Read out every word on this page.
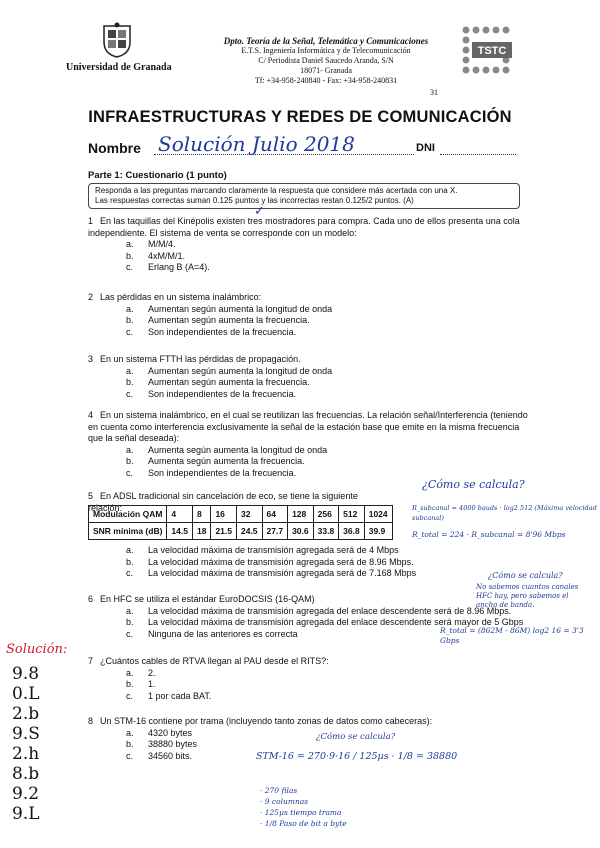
Universidad de Granada
Dpto. Teoría de la Señal, Telemática y Comunicaciones
E.T.S. Ingeniería Informática y de Telecomunicación
C/ Periodista Daniel Saucedo Aranda, S/N
18071- Granada
Tf: +34-958-240840 - Fax: +34-958-240831
31
TSTC
INFRAESTRUCTURAS Y REDES DE COMUNICACIÓN
Nombre Solución Julio 2018	DNI
Parte 1: Cuestionario (1 punto)
Responda a las preguntas marcando claramente la respuesta que considere más acertada con una X.
Las respuestas correctas suman 0.125 puntos y las incorrectas restan 0.125/2 puntos. (A)
1 En las taquillas del Kinépolis existen tres mostradores para compra. Cada uno de ellos presenta una cola independiente. El sistema de venta se corresponde con un modelo:
a. M/M/4.
b. 4xM/M/1.
c. Erlang B (A=4).
✓
2 Las pérdidas en un sistema inalámbrico:
a. Aumentan según aumenta la longitud de onda
b. Aumentan según aumenta la frecuencia.
c. Son independientes de la frecuencia.
3 En un sistema FTTH las pérdidas de propagación.
a. Aumentan según aumenta la longitud de onda
b. Aumentan según aumenta la frecuencia.
c. Son independientes de la frecuencia.
4 En un sistema inalámbrico, en el cual se reutilizan las frecuencias. La relación señal/Interferencia (teniendo en cuenta como interferencia exclusivamente la señal de la estación base que emite en la misma frecuencia que la señal deseada):
a. Aumenta según aumenta la longitud de onda
b. Aumenta según aumenta la frecuencia.
c. Son independientes de la frecuencia.
5 En ADSL tradicional sin cancelación de eco, se tiene la siguiente relación:
Modulación QAM	4	8	16	32	64	128	256	512	1024
SNR mínima (dB)	14.5	18	21.5	24.5	27.7	30.6	33.8	36.8	39.9
a. La velocidad máxima de transmisión agregada será de 4 Mbps
b. La velocidad máxima de transmisión agregada será de 8.96 Mbps.
c. La velocidad máxima de transmisión agregada será de 7.168 Mbps
6 En HFC se utiliza el estándar EuroDOCSIS (16-QAM)
a. La velocidad máxima de transmisión agregada del enlace descendente será de 8.96 Mbps.
b. La velocidad máxima de transmisión agregada del enlace descendente será mayor de 5 Gbps
c. Ninguna de las anteriores es correcta
7 ¿Cuántos cables de RTVA llegan al PAU desde el RITS?:
a. 2.
b. 1.
c. 1 por cada BAT.
8 Un STM-16 contiene por trama (incluyendo tanto zonas de datos como cabeceras):
a. 4320 bytes
b. 38880 bytes
c. 34560 bits.
¿Cómo se calcula?
R_subcanal = 4000 bauds · log2 512 (Máxima velocidad subcanal)
R_total = 224 · R_subcanal = 8'96 Mbps
¿Cómo se calcula?
No sabemos cuantos canales
HFC hay, pero sabemos el
ancho de banda.
R_total = (862M - 86M) log2 16 = 3'3 Gbps
¿Cómo se calcula?
STM-16 = 270·9·16 / 125µs · 1/8 = 38880
· 270 filas
· 9 columnas
· 125µs tiempo trama
· 1/8 Paso de bit a byte
Solución:
9.8
0.L
2.b
9.S
2.h
8.b
9.2
9.L
